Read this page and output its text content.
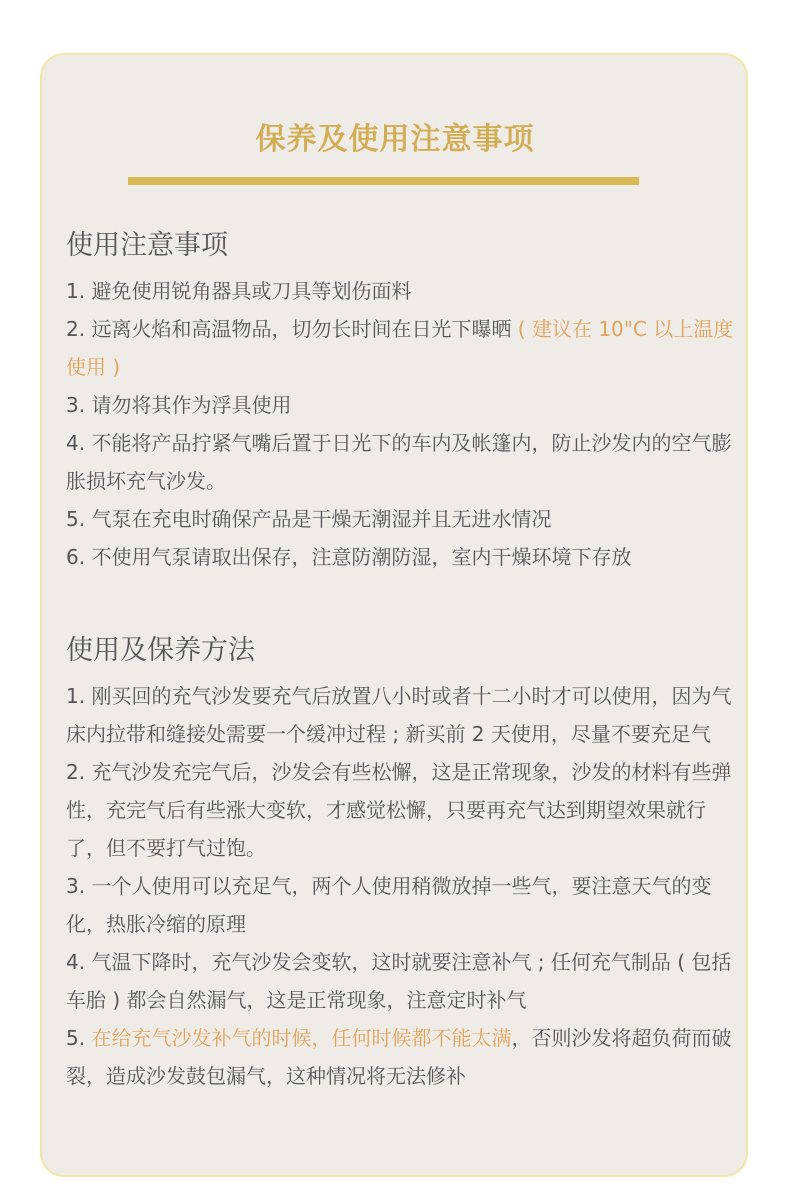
保养及使用注意事项
使用注意事项

1. 避免使用锐角器具或刀具等划伤面料

2. 远离火焰和高温物品，切勿长时间在日光下曝晒 ( 建议在 10"C 以上温度使用 )

3. 请勿将其作为浮具使用

4. 不能将产品拧紧气嘴后置于日光下的车内及帐篷内，防止沙发内的空气膨胀损坏充气沙发。

5. 气泵在充电时确保产品是干燥无潮湿并且无进水情况

6. 不使用气泵请取出保存，注意防潮防湿，室内干燥环境下存放

使用及保养方法

1. 刚买回的充气沙发要充气后放置八小时或者十二小时才可以使用，因为气床内拉带和缝接处需要一个缓冲过程 ; 新买前 2 天使用，尽量不要充足气

2. 充气沙发充完气后，沙发会有些松懈，这是正常现象，沙发的材料有些弹性，充完气后有些涨大变软，才感觉松懈，只要再充气达到期望效果就行了，但不要打气过饱。

3. 一个人使用可以充足气，两个人使用稍微放掉一些气，要注意天气的变化，热胀冷缩的原理

4. 气温下降时，充气沙发会变软，这时就要注意补气 ; 任何充气制品 ( 包括车胎 ) 都会自然漏气，这是正常现象，注意定时补气

5. 在给充气沙发补气的时候，任何时候都不能太满，否则沙发将超负荷而破裂，造成沙发鼓包漏气，这种情况将无法修补
